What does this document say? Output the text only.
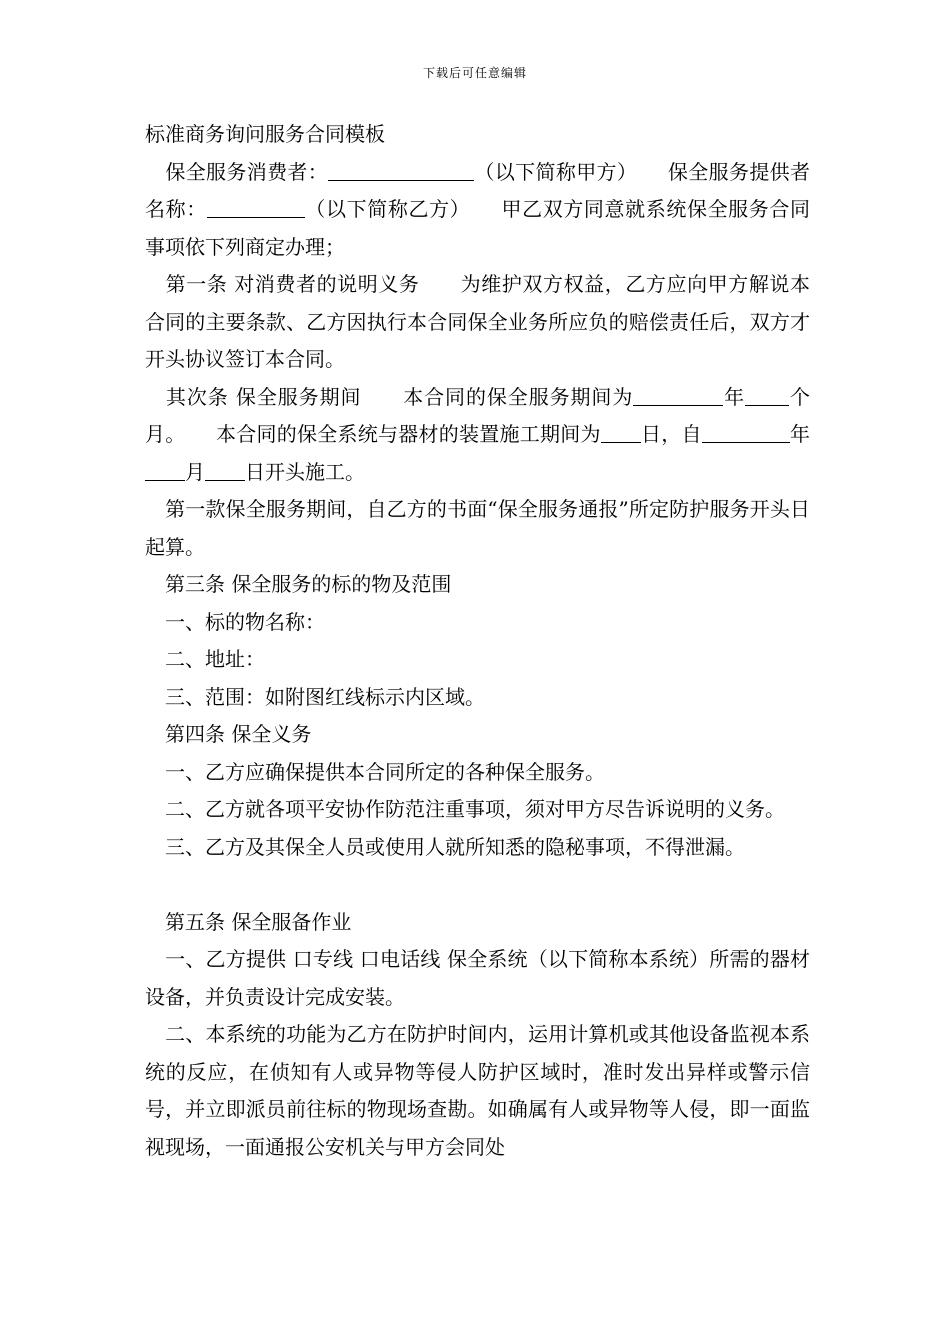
下载后可任意编辑

标准商务询问服务合同模板

　保全服务消费者：	（以下简称甲方）　　保全服务提供者名称：	（以下简称乙方）　　甲乙双方同意就系统保全服务合同事项依下列商定办理；

　第一条 对消费者的说明义务　　为维护双方权益，乙方应向甲方解说本合同的主要条款、乙方因执行本合同保全业务所应负的赔偿责任后，双方才开头协议签订本合同。

　其次条 保全服务期间　　本合同的保全服务期间为	年 个月。　　本合同的保全系统与器材的装置施工期间为 日，自	年月 日开头施工。

　第一款保全服务期间，自乙方的书面“保全服务通报”所定防护服务开头日起算。

　第三条 保全服务的标的物及范围

　一、标的物名称：

　二、地址：

　三、范围：如附图红线标示内区域。

　第四条 保全义务

　一、乙方应确保提供本合同所定的各种保全服务。

　二、乙方就各项平安协作防范注重事项，须对甲方尽告诉说明的义务。

　三、乙方及其保全人员或使用人就所知悉的隐秘事项，不得泄漏。

　第五条 保全服备作业

　一、乙方提供 口专线 口电话线 保全系统（以下简称本系统）所需的器材设备，并负责设计完成安装。

　二、本系统的功能为乙方在防护时间内，运用计算机或其他设备监视本系统的反应，在侦知有人或异物等侵人防护区域时，准时发出异样或警示信号，并立即派员前往标的物现场查勘。如确属有人或异物等人侵，即一面监视现场，一面通报公安机关与甲方会同处
